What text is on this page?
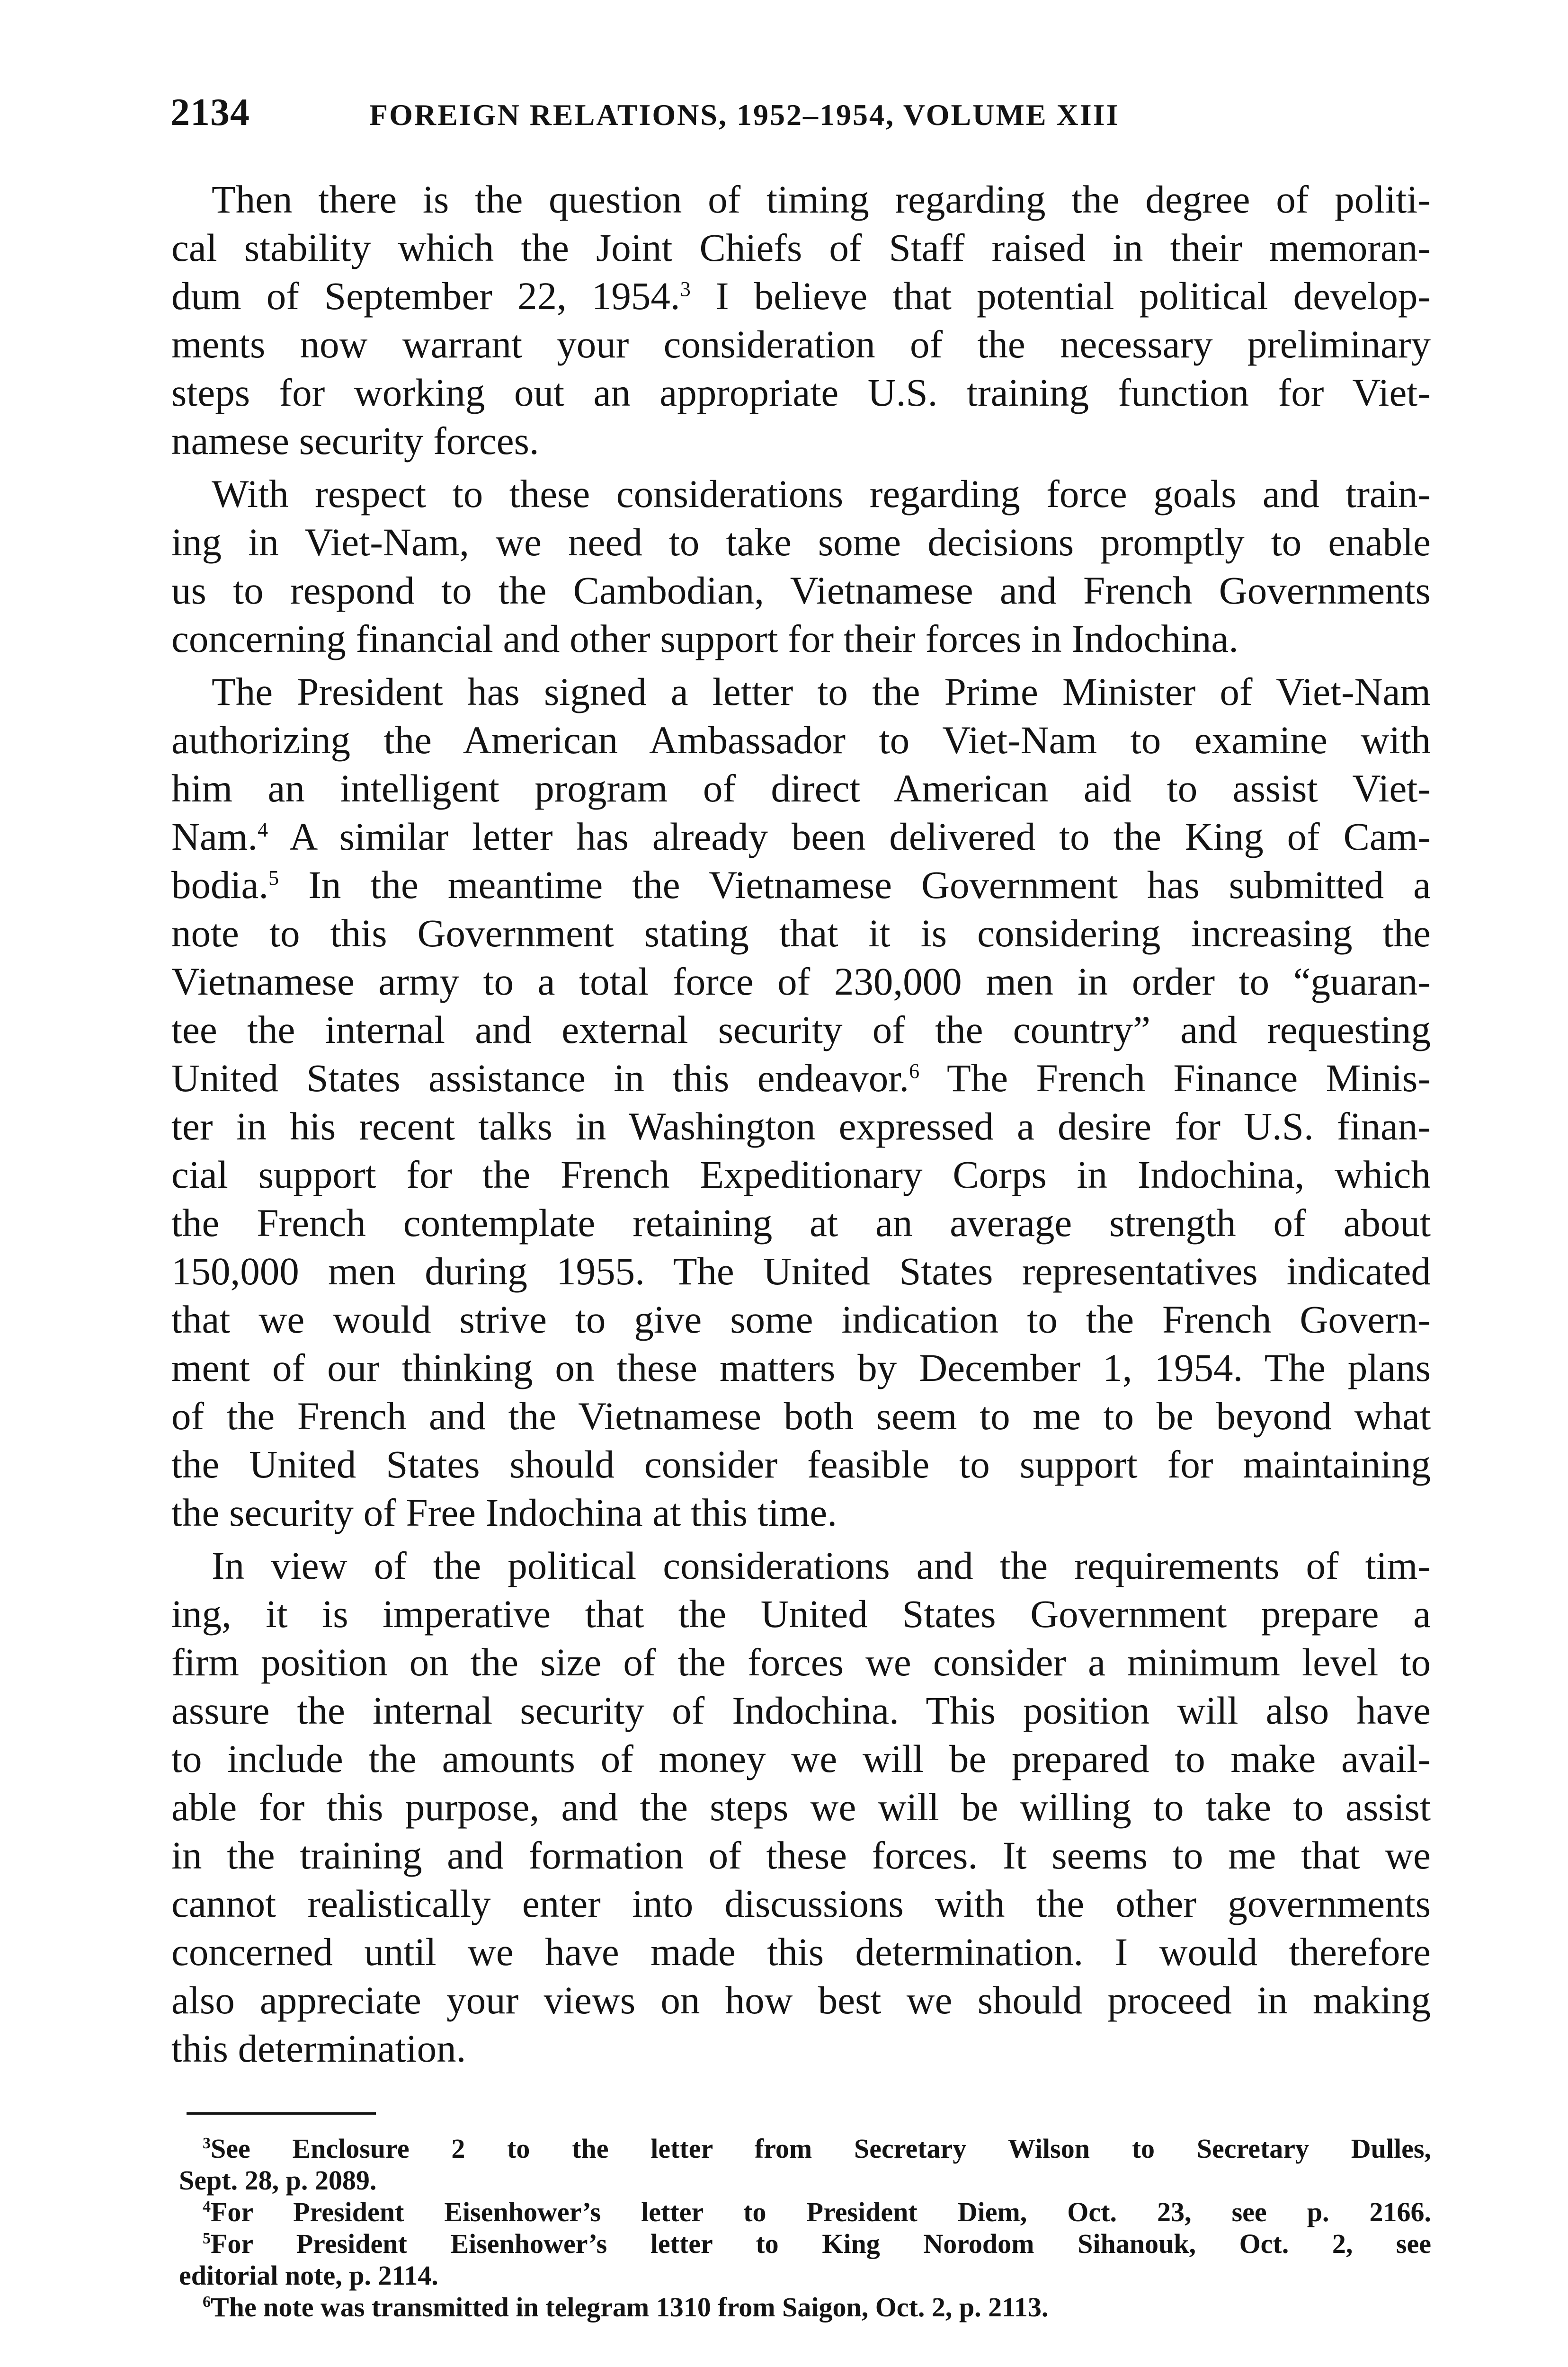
2134	FOREIGN RELATIONS, 1952–1954, VOLUME XIII
Then there is the question of timing regarding the degree of politi-
cal stability which the Joint Chiefs of Staff raised in their memoran-
dum of September 22, 1954.$^3$ I believe that potential political develop-
ments now warrant your consideration of the necessary preliminary
steps for working out an appropriate U.S. training function for Viet-
namese security forces.
With respect to these considerations regarding force goals and train-
ing in Viet-Nam, we need to take some decisions promptly to enable
us to respond to the Cambodian, Vietnamese and French Governments
concerning financial and other support for their forces in Indochina.
The President has signed a letter to the Prime Minister of Viet-Nam
authorizing the American Ambassador to Viet-Nam to examine with
him an intelligent program of direct American aid to assist Viet-
Nam.$^4$ A similar letter has already been delivered to the King of Cam-
bodia.$^5$ In the meantime the Vietnamese Government has submitted a
note to this Government stating that it is considering increasing the
Vietnamese army to a total force of 230,000 men in order to “guaran-
tee the internal and external security of the country” and requesting
United States assistance in this endeavor.$^6$ The French Finance Minis-
ter in his recent talks in Washington expressed a desire for U.S. finan-
cial support for the French Expeditionary Corps in Indochina, which
the French contemplate retaining at an average strength of about
150,000 men during 1955. The United States representatives indicated
that we would strive to give some indication to the French Govern-
ment of our thinking on these matters by December 1, 1954. The plans
of the French and the Vietnamese both seem to me to be beyond what
the United States should consider feasible to support for maintaining
the security of Free Indochina at this time.
In view of the political considerations and the requirements of tim-
ing, it is imperative that the United States Government prepare a
firm position on the size of the forces we consider a minimum level to
assure the internal security of Indochina. This position will also have
to include the amounts of money we will be prepared to make avail-
able for this purpose, and the steps we will be willing to take to assist
in the training and formation of these forces. It seems to me that we
cannot realistically enter into discussions with the other governments
concerned until we have made this determination. I would therefore
also appreciate your views on how best we should proceed in making
this determination.
$^3$See Enclosure 2 to the letter from Secretary Wilson to Secretary Dulles,
Sept. 28, p. 2089.
$^4$For President Eisenhower’s letter to President Diem, Oct. 23, see p. 2166.
$^5$For President Eisenhower’s letter to King Norodom Sihanouk, Oct. 2, see
editorial note, p. 2114.
$^6$The note was transmitted in telegram 1310 from Saigon, Oct. 2, p. 2113.
